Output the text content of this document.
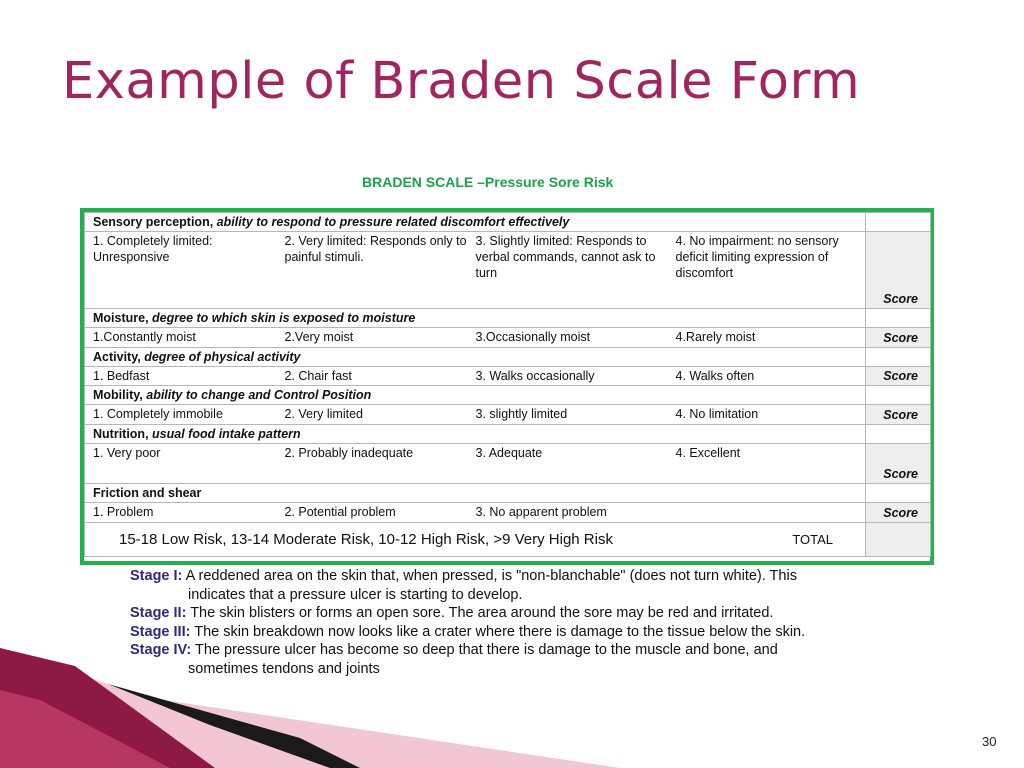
Example of Braden Scale Form
BRADEN SCALE –Pressure Sore Risk
Sensory perception, ability to respond to pressure related discomfort effectively				
1. Completely limited: Unresponsive	2. Very limited: Responds only to painful stimuli.	3. Slightly limited: Responds to verbal commands, cannot ask to turn	4. No impairment: no sensory deficit limiting expression of discomfort	Score
Moisture, degree to which skin is exposed to moisture				
1.Constantly moist	2.Very moist	3.Occasionally moist	4.Rarely moist	Score
Activity, degree of physical activity				
1. Bedfast	2. Chair fast	3. Walks occasionally	4. Walks often	Score
Mobility, ability to change and Control Position				
1. Completely immobile	2. Very limited	3. slightly limited	4. No limitation	Score
Nutrition, usual food intake pattern				
1. Very poor	2. Probably inadequate	3. Adequate	4. Excellent	Score
Friction and shear				
1. Problem	2. Potential problem	3. No apparent problem		Score
15-18 Low Risk, 13-14 Moderate Risk, 10-12 High Risk, >9 Very High Risk			TOTAL	

Stage I: A reddened area on the skin that, when pressed, is "non-blanchable" (does not turn white). This
indicates that a pressure ulcer is starting to develop.

Stage II: The skin blisters or forms an open sore. The area around the sore may be red and irritated.

Stage III: The skin breakdown now looks like a crater where there is damage to the tissue below the skin.

Stage IV: The pressure ulcer has become so deep that there is damage to the muscle and bone, and
sometimes tendons and joints

30
